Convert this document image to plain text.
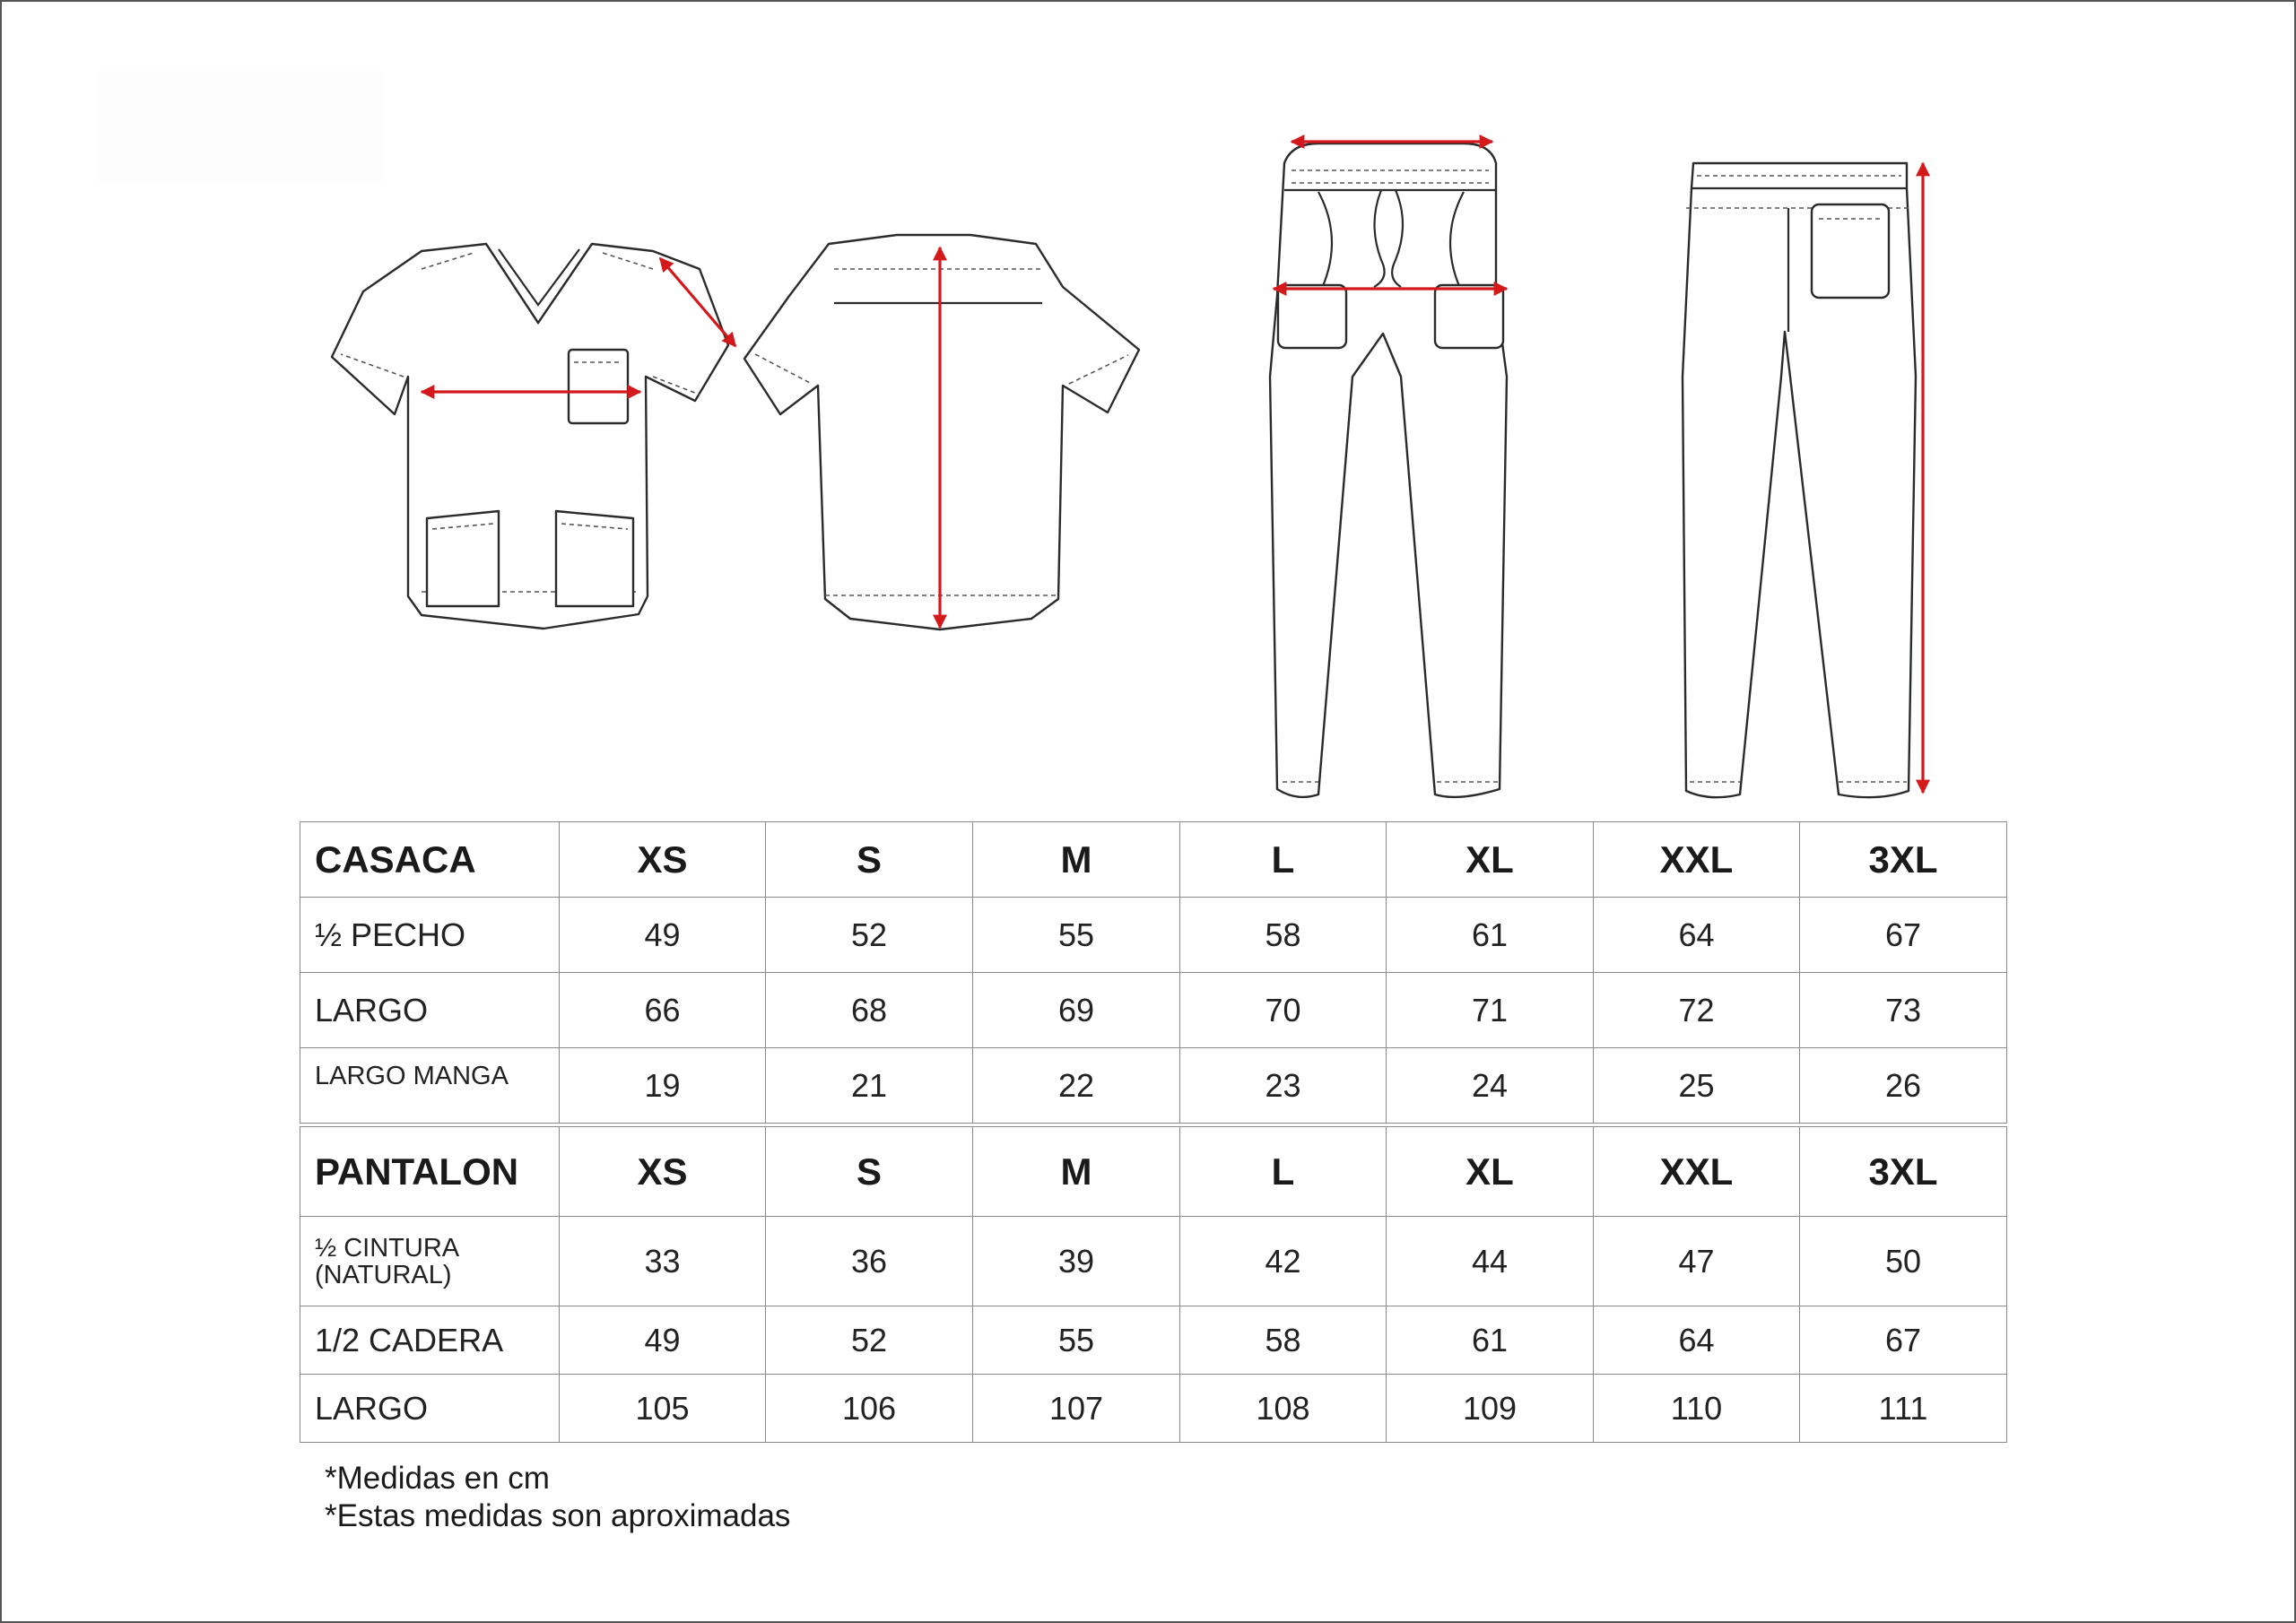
CASACA	XS	S	M	L	XL	XXL	3XL
½ PECHO	49	52	55	58	61	64	67
LARGO	66	68	69	70	71	72	73
LARGO MANGA	19	21	22	23	24	25	26
PANTALON	XS	S	M	L	XL	XXL	3XL
½ CINTURA
(NATURAL)	33	36	39	42	44	47	50
1/2 CADERA	49	52	55	58	61	64	67
LARGO	105	106	107	108	109	110	111
*Medidas en cm
*Estas medidas son aproximadas
